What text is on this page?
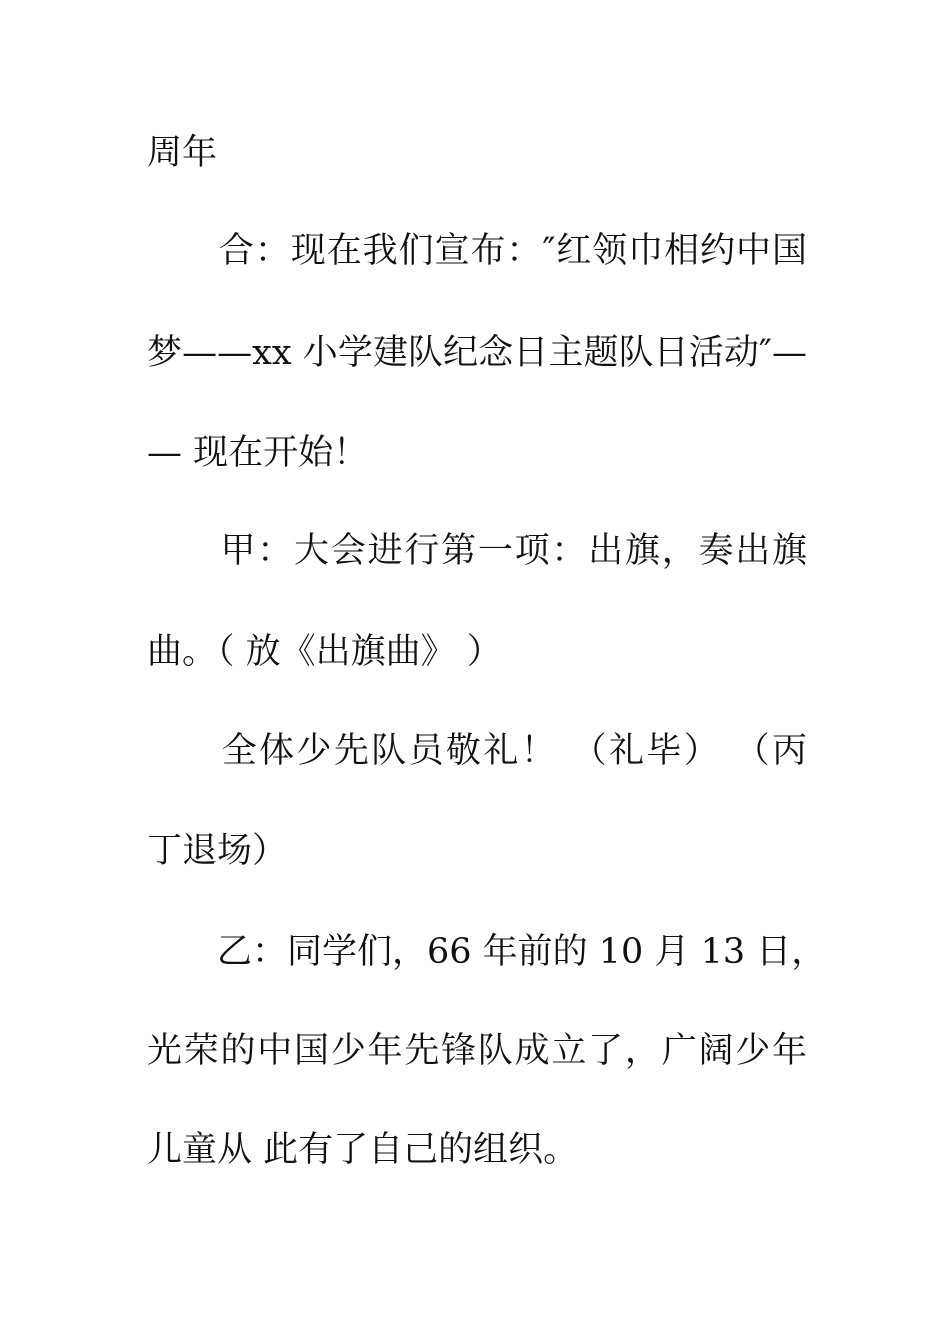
周年
　　合：现在我们宣布：″红领巾相约中国
梦——xx 小学建队纪念日主题队日活动″—
— 现在开始！
　　甲：大会进行第一项：出旗，奏出旗
曲。（ 放《出旗曲》 ）
　　全体少先队员敬礼！ （礼毕） （丙
丁退场）
　　乙：同学们，66 年前的 10 月 13 日，
光荣的中国少年先锋队成立了，广阔少年
儿童从 此有了自己的组织。
